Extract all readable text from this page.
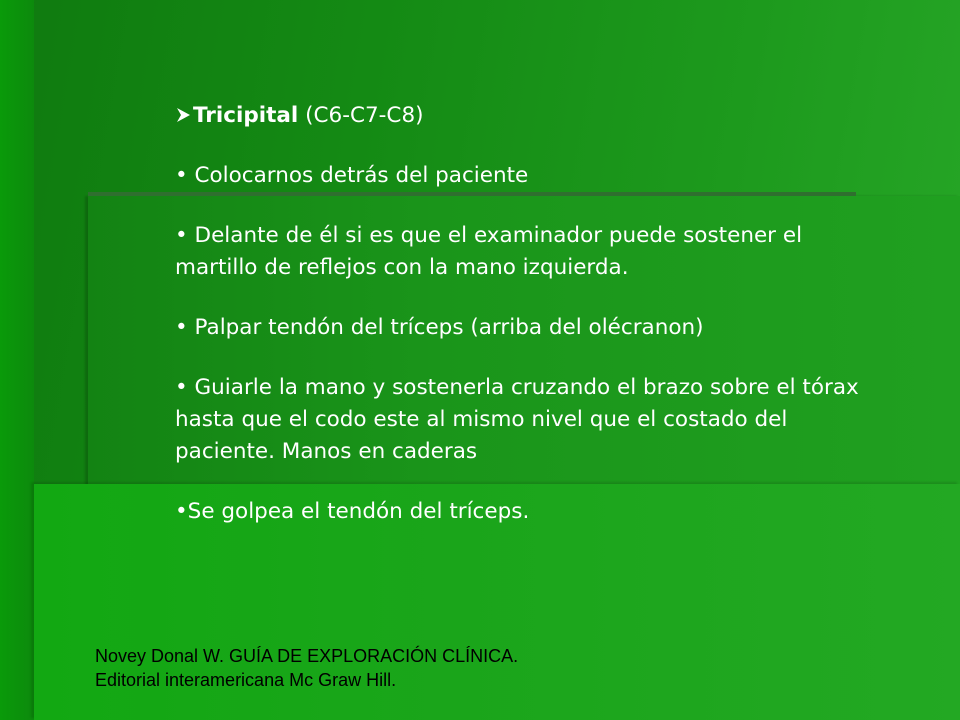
Tricipital (C6-C7-C8)

• Colocarnos detrás del paciente

• Delante de él si es que el examinador puede sostener el martillo de reflejos con la mano izquierda.

• Palpar tendón del tríceps (arriba del olécranon)

• Guiarle la mano y sostenerla cruzando el brazo sobre el tórax hasta que el codo este al mismo nivel que el costado del paciente. Manos en caderas

•Se golpea el tendón del tríceps.

Novey Donal W. GUÍA DE EXPLORACIÓN CLÍNICA.
Editorial interamericana Mc Graw Hill.
